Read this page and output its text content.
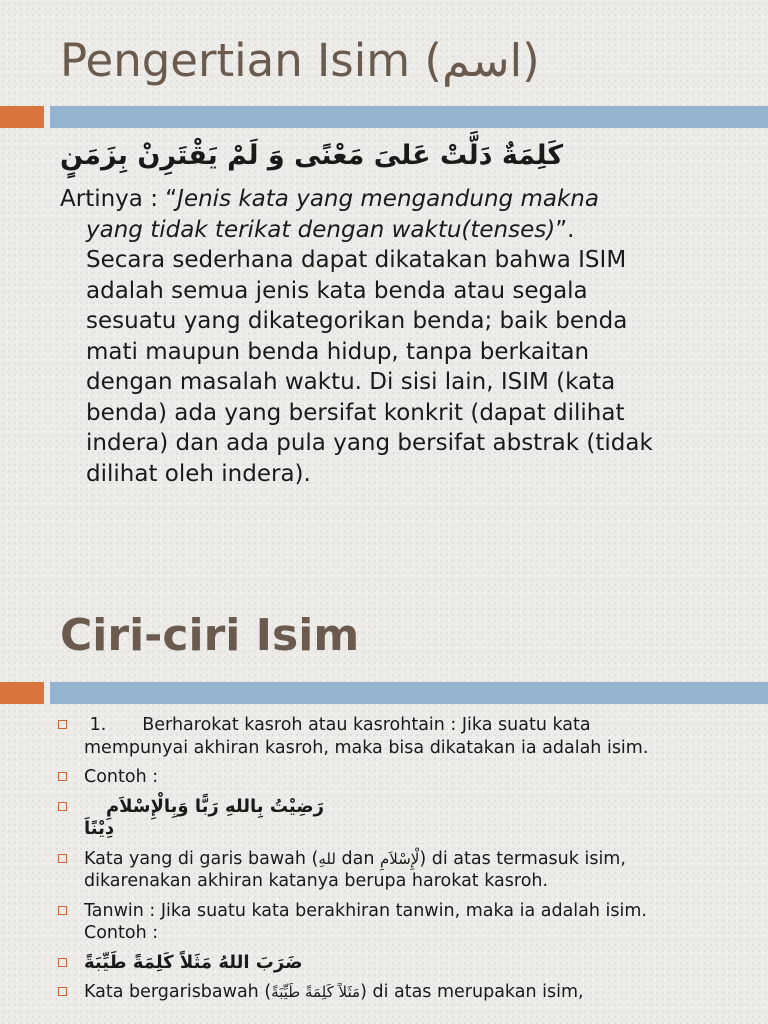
Pengertian Isim (اسم)
كَلِمَةٌ دَلَّتْ عَلىَ مَعْنًى وَ لَمْ يَقْتَرِنْ بِزَمَنٍ

Artinya : “Jenis kata yang mengandung makna
yang tidak terikat dengan waktu(tenses)”.
Secara sederhana dapat dikatakan bahwa ISIM
adalah semua jenis kata benda atau segala
sesuatu yang dikategorikan benda; baik benda
mati maupun benda hidup, tanpa berkaitan
dengan masalah waktu. Di sisi lain, ISIM (kata
benda) ada yang bersifat konkrit (dapat dilihat
indera) dan ada pula yang bersifat abstrak (tidak
dilihat oleh indera).

Ciri-ciri Isim
1. Berharokat kasroh atau kasrohtain : Jika suatu kata
mempunyai akhiran kasroh, maka bisa dikatakan ia adalah isim.
Contoh :
رَضِيْتُ بِاللهِ رَبًّا وَبِالْإِسْلاَمِ
دِيْنًاَ
Kata yang di garis bawah (للهِ dan لْإِسْلاَمِ) di atas termasuk isim,
dikarenakan akhiran katanya berupa harokat kasroh.
Tanwin : Jika suatu kata berakhiran tanwin, maka ia adalah isim.
Contoh :
ضَرَبَ اللهُ مَثَلاً كَلِمَةً طَيِّبَةً
Kata bergarisbawah (مَثَلاً كَلِمَةً طَيِّبَةً) di atas merupakan isim,
